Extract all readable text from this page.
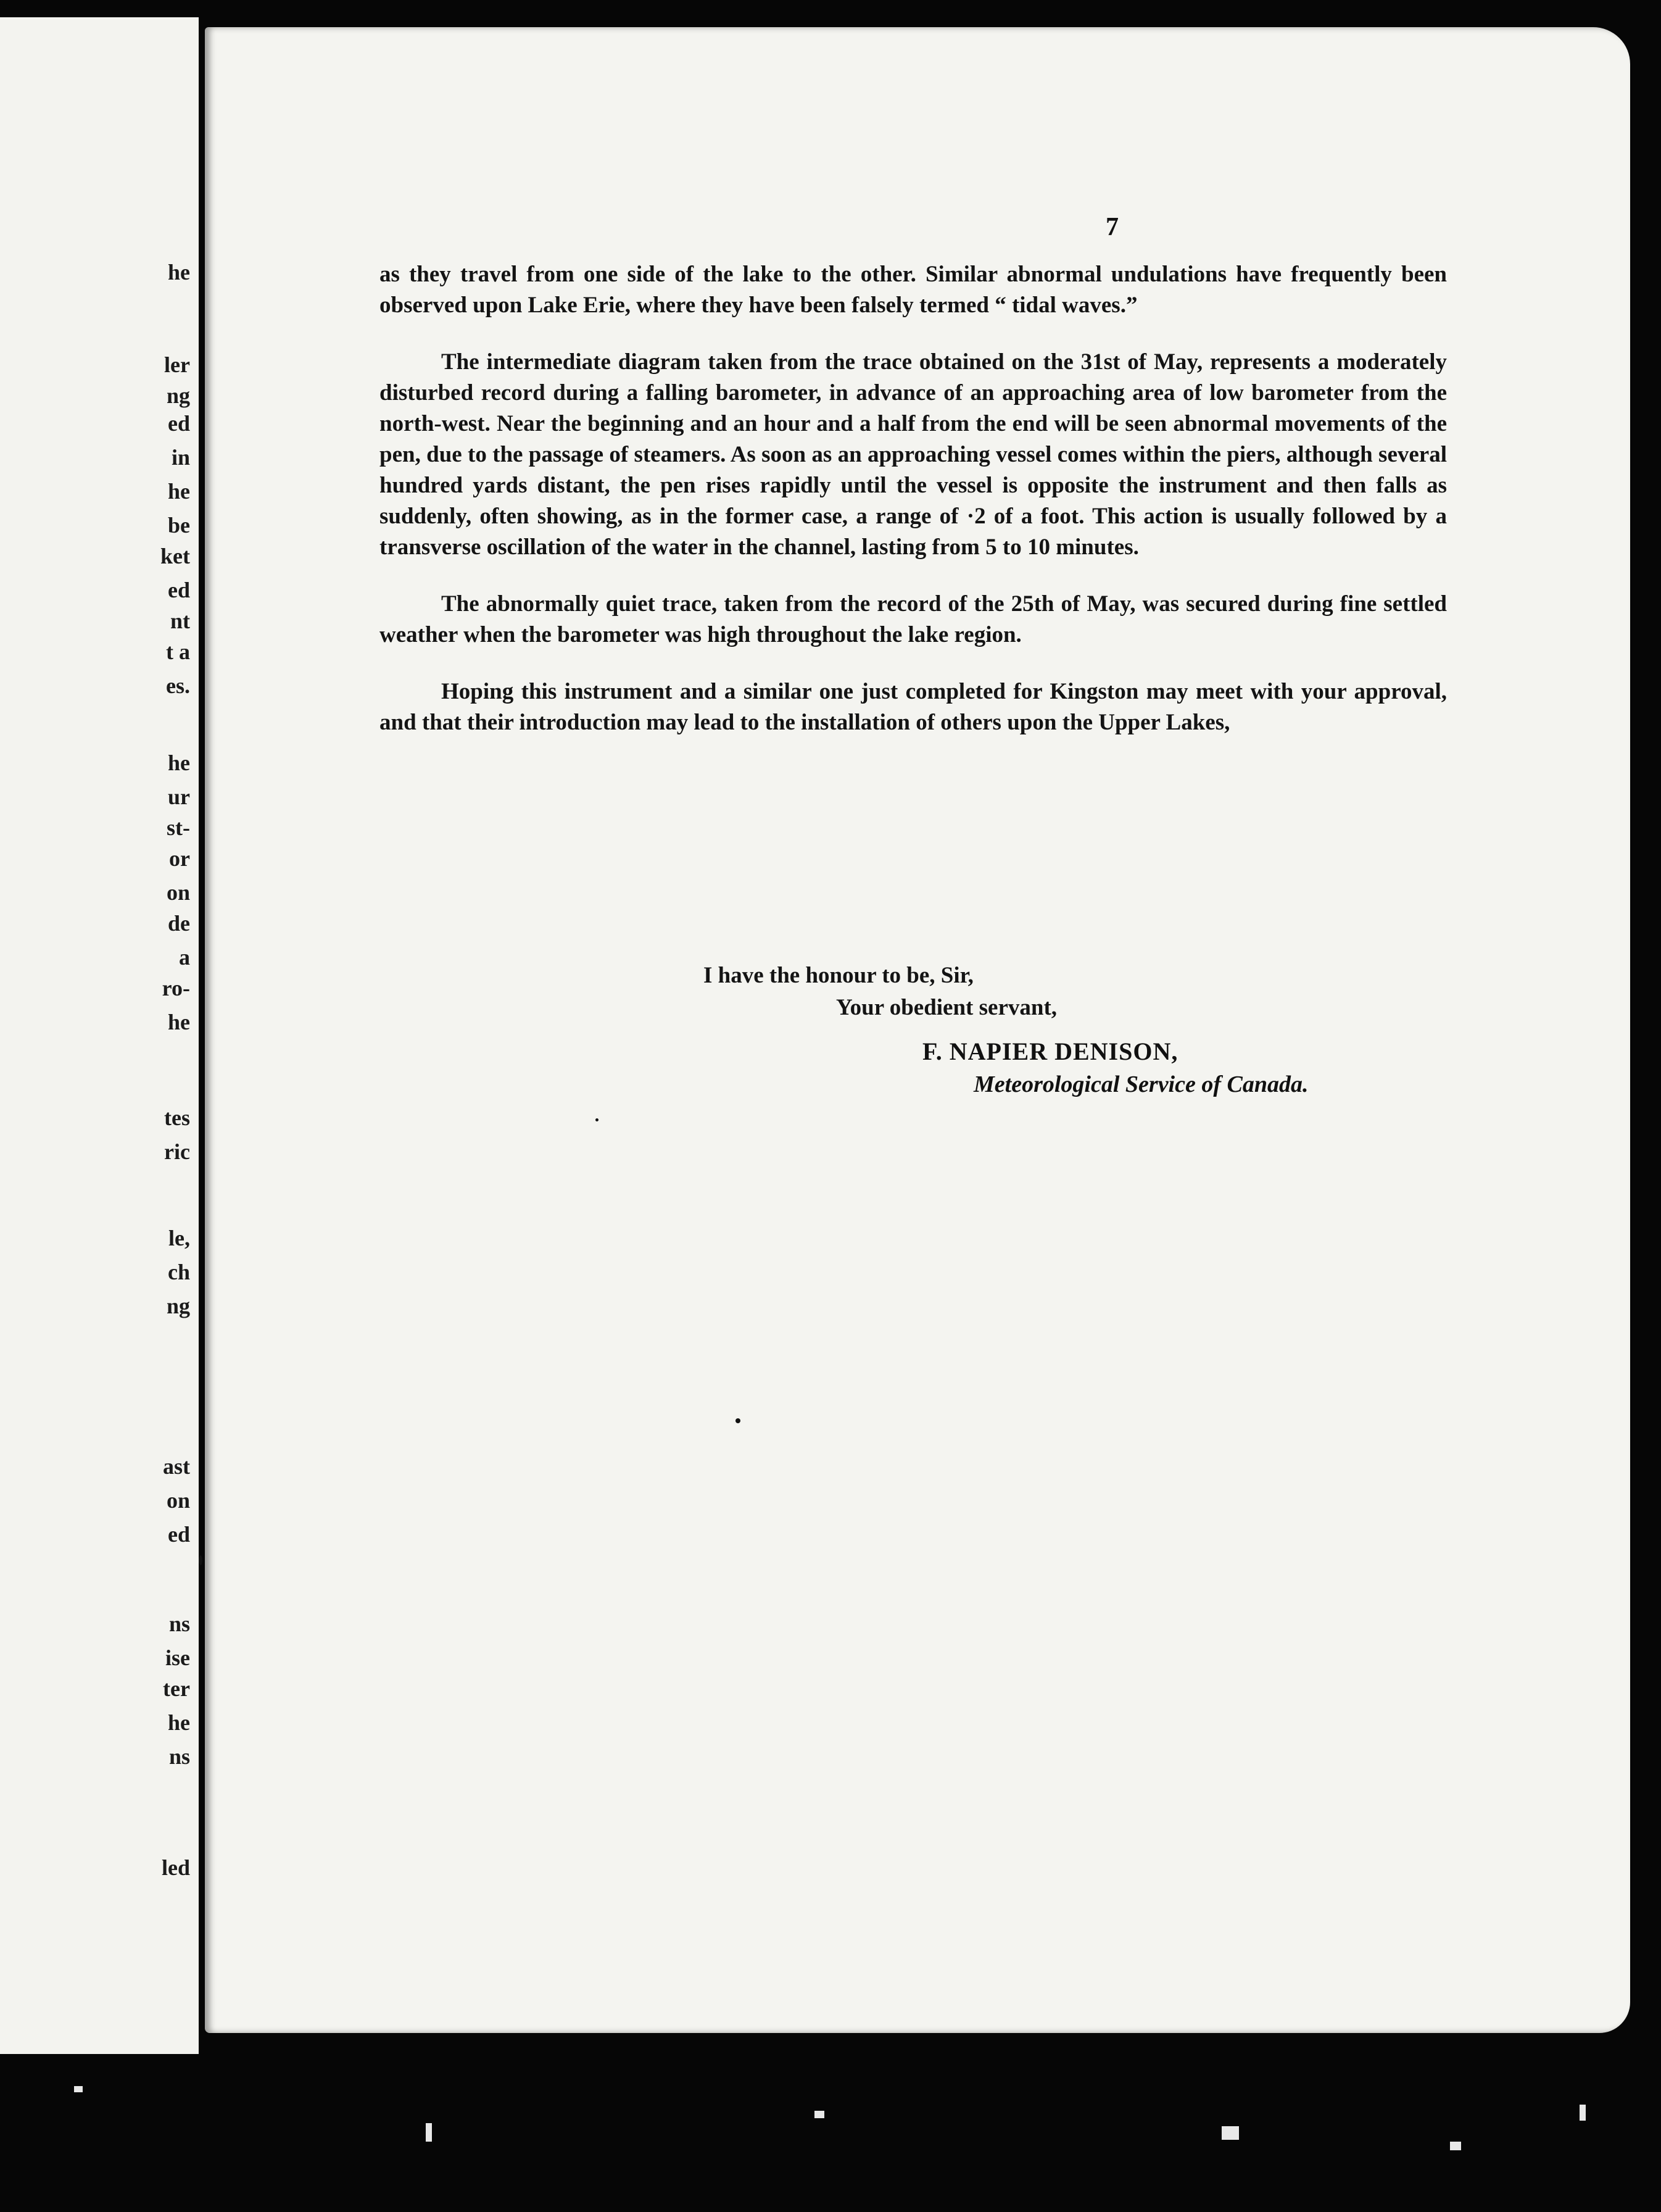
he
ler
ng
ed
in
he
be
ket
ed
nt
t a
es.
he
ur
st-
or
on
de
a
ro-
he
tes
ric
le,
ch
ng
ast
on
ed
ns
ise
ter
he
ns
led
7

as they travel from one side of the lake to the other. Similar abnormal undulations have frequently been observed upon Lake Erie, where they have been falsely termed “ tidal waves.”

The intermediate diagram taken from the trace obtained on the 31st of May, represents a moderately disturbed record during a falling barometer, in advance of an approaching area of low barometer from the north-west. Near the beginning and an hour and a half from the end will be seen abnormal movements of the pen, due to the passage of steamers. As soon as an approaching vessel comes within the piers, although several hundred yards distant, the pen rises rapidly until the vessel is opposite the instrument and then falls as suddenly, often showing, as in the former case, a range of ·2 of a foot. This action is usually followed by a transverse oscillation of the water in the channel, lasting from 5 to 10 minutes.

The abnormally quiet trace, taken from the record of the 25th of May, was secured during fine settled weather when the barometer was high throughout the lake region.

Hoping this instrument and a similar one just completed for Kingston may meet with your approval, and that their introduction may lead to the installation of others upon the Upper Lakes,

I have the honour to be, Sir,
Your obedient servant,
F. NAPIER DENISON,
Meteorological Service of Canada.
